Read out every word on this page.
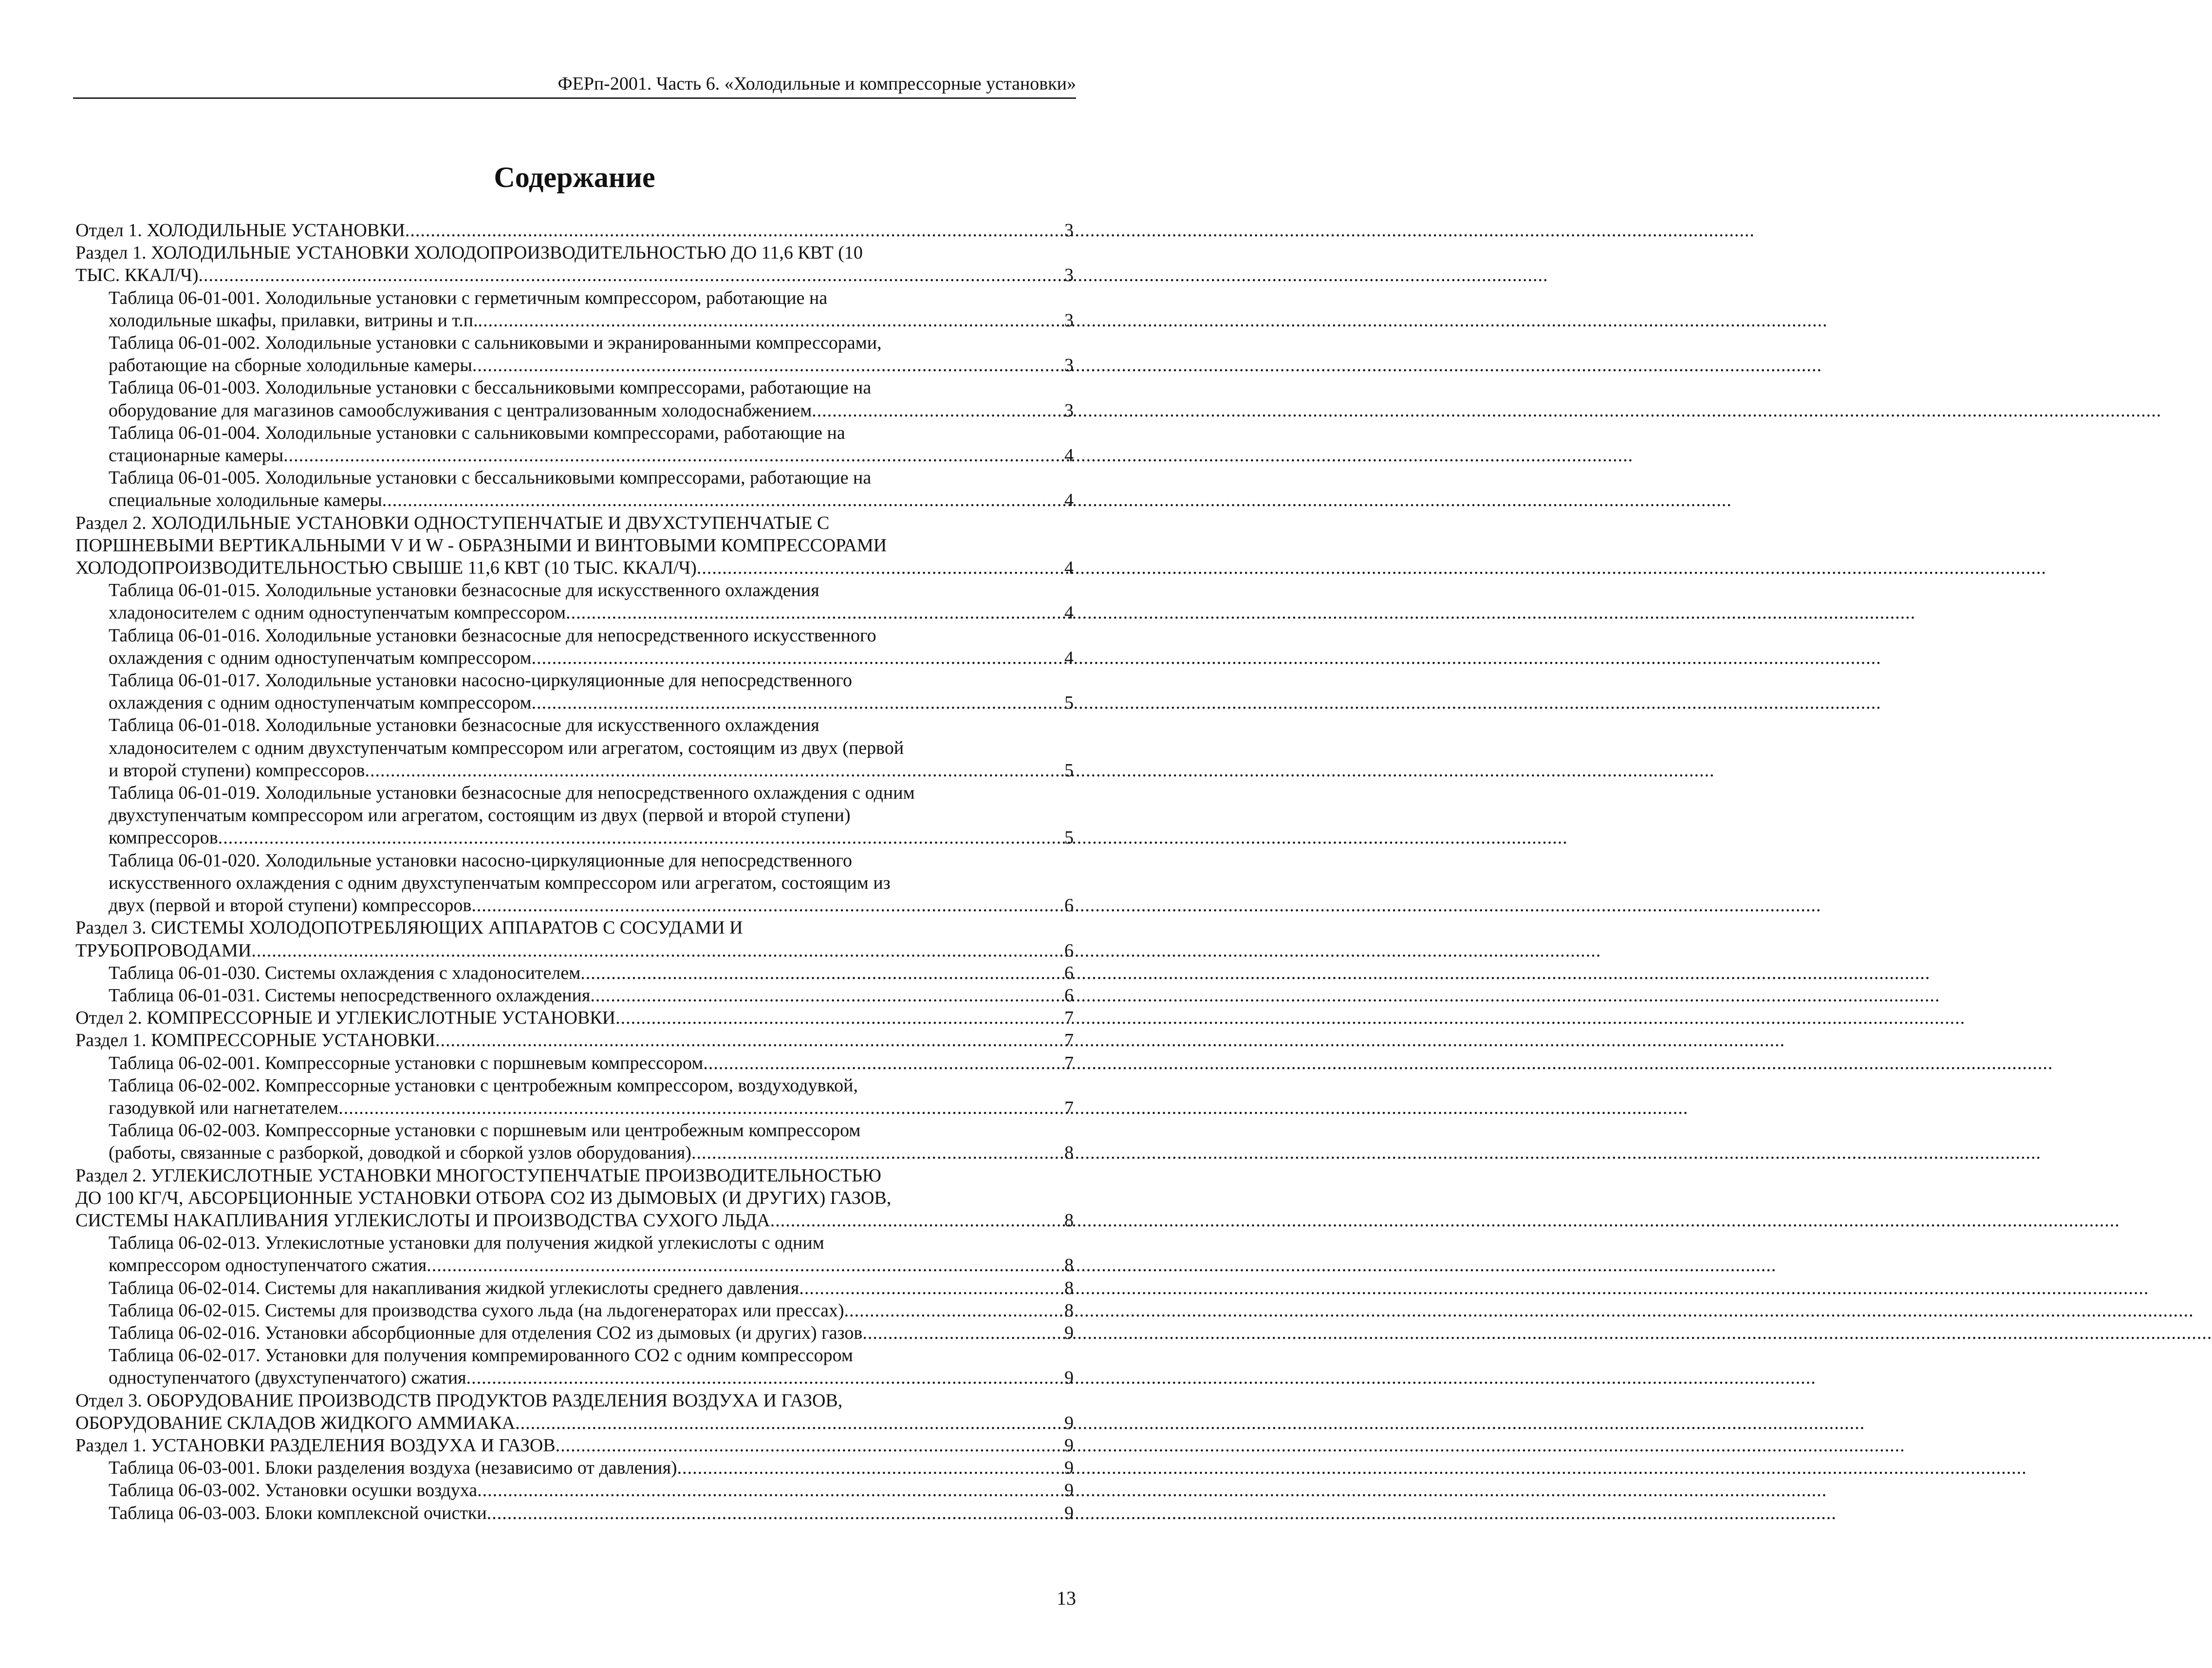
ФЕРп-2001. Часть 6. «Холодильные и компрессорные установки»
Содержание
Отдел 1. ХОЛОДИЛЬНЫЕ УСТАНОВКИ .....	3
Раздел 1. ХОЛОДИЛЬНЫЕ УСТАНОВКИ ХОЛОДОПРОИЗВОДИТЕЛЬНОСТЬЮ ДО 11,6 КВТ (10
ТЫС. ККАЛ/Ч) .....	3
Таблица 06-01-001. Холодильные установки с герметичным компрессором, работающие на
холодильные шкафы, прилавки, витрины и т.п. .....	3
Таблица 06-01-002. Холодильные установки с сальниковыми и экранированными компрессорами,
работающие на сборные холодильные камеры .....	3
Таблица 06-01-003. Холодильные установки с бессальниковыми компрессорами, работающие на
оборудование для магазинов самообслуживания с централизованным холодоснабжением .....	3
Таблица 06-01-004. Холодильные установки с сальниковыми компрессорами, работающие на
стационарные камеры .....	4
Таблица 06-01-005. Холодильные установки с бессальниковыми компрессорами, работающие на
специальные холодильные камеры .....	4
Раздел 2. ХОЛОДИЛЬНЫЕ УСТАНОВКИ ОДНОСТУПЕНЧАТЫЕ И ДВУХСТУПЕНЧАТЫЕ С
ПОРШНЕВЫМИ ВЕРТИКАЛЬНЫМИ V И W - ОБРАЗНЫМИ И ВИНТОВЫМИ КОМПРЕССОРАМИ
ХОЛОДОПРОИЗВОДИТЕЛЬНОСТЬЮ СВЫШЕ 11,6 КВТ (10 ТЫС. ККАЛ/Ч) .....	4
Таблица 06-01-015. Холодильные установки безнасосные для искусственного охлаждения
хладоносителем с одним одноступенчатым компрессором .....	4
Таблица 06-01-016. Холодильные установки безнасосные для непосредственного искусственного
охлаждения с одним одноступенчатым компрессором .....	4
Таблица 06-01-017. Холодильные установки насосно-циркуляционные для непосредственного
охлаждения с одним одноступенчатым компрессором .....	5
Таблица 06-01-018. Холодильные установки безнасосные для искусственного охлаждения
хладоносителем с одним двухступенчатым компрессором или агрегатом, состоящим из двух (первой
и второй ступени) компрессоров .....	5
Таблица 06-01-019. Холодильные установки безнасосные для непосредственного охлаждения с одним
двухступенчатым компрессором или агрегатом, состоящим из двух (первой и второй ступени)
компрессоров .....	5
Таблица 06-01-020. Холодильные установки насосно-циркуляционные для непосредственного
искусственного охлаждения с одним двухступенчатым компрессором или агрегатом, состоящим из
двух (первой и второй ступени) компрессоров .....	6
Раздел 3. СИСТЕМЫ ХОЛОДОПОТРЕБЛЯЮЩИХ АППАРАТОВ С СОСУДАМИ И
ТРУБОПРОВОДАМИ .....	6
Таблица 06-01-030. Системы охлаждения с хладоносителем .....	6
Таблица 06-01-031. Системы непосредственного охлаждения .....	6
Отдел 2. КОМПРЕССОРНЫЕ И УГЛЕКИСЛОТНЫЕ УСТАНОВКИ .....	7
Раздел 1. КОМПРЕССОРНЫЕ УСТАНОВКИ .....	7
Таблица 06-02-001. Компрессорные установки с поршневым компрессором .....	7
Таблица 06-02-002. Компрессорные установки с центробежным компрессором, воздуходувкой,
газодувкой или нагнетателем .....	7
Таблица 06-02-003. Компрессорные установки с поршневым или центробежным компрессором
(работы, связанные с разборкой, доводкой и сборкой узлов оборудования) .....	8
Раздел 2. УГЛЕКИСЛОТНЫЕ УСТАНОВКИ МНОГОСТУПЕНЧАТЫЕ ПРОИЗВОДИТЕЛЬНОСТЬЮ
ДО 100 КГ/Ч, АБСОРБЦИОННЫЕ УСТАНОВКИ ОТБОРА СО2 ИЗ ДЫМОВЫХ (И ДРУГИХ) ГАЗОВ,
СИСТЕМЫ НАКАПЛИВАНИЯ УГЛЕКИСЛОТЫ И ПРОИЗВОДСТВА СУХОГО ЛЬДА .....	8
Таблица 06-02-013. Углекислотные установки для получения жидкой углекислоты с одним
компрессором одноступенчатого сжатия .....	8
Таблица 06-02-014. Системы для накапливания жидкой углекислоты среднего давления .....	8
Таблица 06-02-015. Системы для производства сухого льда (на льдогенераторах или прессах) .....	8
Таблица 06-02-016. Установки абсорбционные для отделения СО2 из дымовых (и других) газов .....	9
Таблица 06-02-017. Установки для получения компремированного СО2 с одним компрессором
одноступенчатого (двухступенчатого) сжатия .....	9
Отдел 3. ОБОРУДОВАНИЕ ПРОИЗВОДСТВ ПРОДУКТОВ РАЗДЕЛЕНИЯ ВОЗДУХА И ГАЗОВ,
ОБОРУДОВАНИЕ СКЛАДОВ ЖИДКОГО АММИАКА .....	9
Раздел 1. УСТАНОВКИ РАЗДЕЛЕНИЯ ВОЗДУХА И ГАЗОВ .....	9
Таблица 06-03-001. Блоки разделения воздуха (независимо от давления) .....	9
Таблица 06-03-002. Установки осушки воздуха .....	9
Таблица 06-03-003. Блоки комплексной очистки .....	9
13
